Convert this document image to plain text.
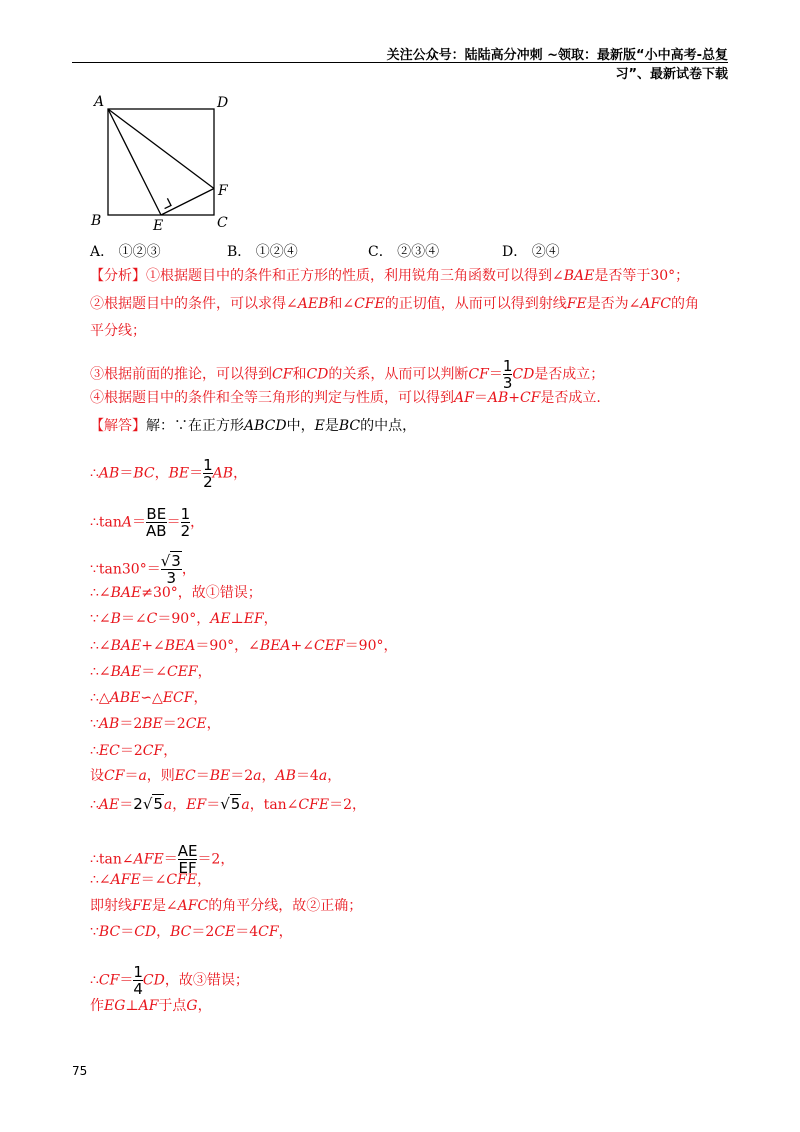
关注公众号：陆陆高分冲刺 ~领取：最新版“小中高考-总复习”、最新试卷下载
A	D
B	C
E
F
A． ①②③	B． ①②④	C． ②③④	D． ②④
【分析】①根据题目中的条件和正方形的性质，利用锐角三角函数可以得到∠BAE是否等于30°；
②根据题目中的条件，可以求得∠AEB和∠CFE的正切值，从而可以得到射线FE是否为∠AFC的角
平分线；
③根据前面的推论，可以得到CF和CD的关系，从而可以判断$CF= \frac{1}{3}$ CD是否成立；
④根据题目中的条件和全等三角形的判定与性质，可以得到AF＝AB+CF是否成立.
【解答】解：∵在正方形ABCD中，E是BC的中点，
∴AB＝BC，$BE= \frac{1}{2}$ AB，
∴tanA＝ $\frac{BE}{AB} = \frac{1}{2}$ ，
∵tan30°＝ $\frac{√3}{3}$ ，
∴∠BAE≠30°，故①错误；
∵∠B＝∠C＝90°，AE⊥EF，
∴∠BAE+∠BEA＝90°，∠BEA+∠CEF＝90°，
∴∠BAE＝∠CEF，
∴△ABE∽△ECF，
∵AB＝2BE＝2CE，
∴EC＝2CF，
设CF＝a，则EC＝BE＝2a，AB＝4a，
∴AE＝2√5a，EF＝√5a，tan∠CFE＝2，
∴tan∠AFE＝ $\frac{AE}{EF} =2$，
∴∠AFE＝∠CFE，
即射线FE是∠AFC的角平分线，故②正确；
∵BC＝CD，BC＝2CE＝4CF，
∴CF＝ $\frac{1}{4}$ CD，故③错误；
作EG⊥AF于点G，
75
